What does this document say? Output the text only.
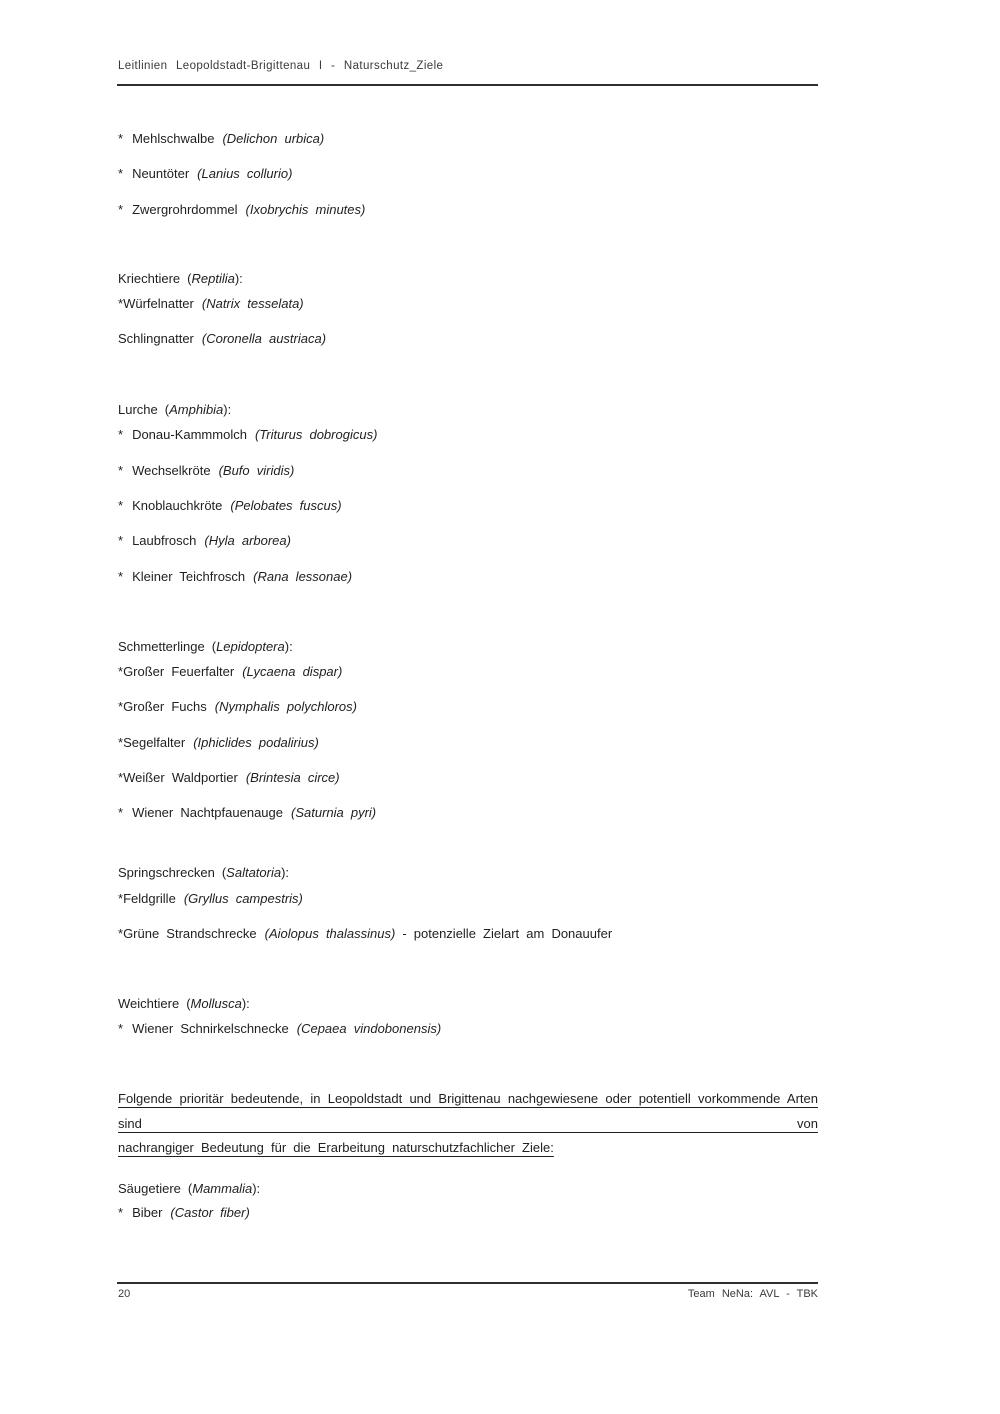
Leitlinien Leopoldstadt-Brigittenau I - Naturschutz_Ziele
* Mehlschwalbe (Delichon urbica)
* Neuntöter (Lanius collurio)
* Zwergrohrdommel (Ixobrychis minutes)
Kriechtiere (Reptilia):
*Würfelnatter (Natrix tesselata)
Schlingnatter (Coronella austriaca)
Lurche (Amphibia):
* Donau-Kammmolch (Triturus dobrogicus)
* Wechselkröte (Bufo viridis)
* Knoblauchkröte (Pelobates fuscus)
* Laubfrosch (Hyla arborea)
* Kleiner Teichfrosch (Rana lessonae)
Schmetterlinge (Lepidoptera):
*Großer Feuerfalter (Lycaena dispar)
*Großer Fuchs (Nymphalis polychloros)
*Segelfalter (Iphiclides podalirius)
*Weißer Waldportier (Brintesia circe)
* Wiener Nachtpfauenauge (Saturnia pyri)
Springschrecken (Saltatoria):
*Feldgrille (Gryllus campestris)
*Grüne Strandschrecke (Aiolopus thalassinus) - potenzielle Zielart am Donauufer
Weichtiere (Mollusca):
* Wiener Schnirkelschnecke (Cepaea vindobonensis)
Folgende prioritär bedeutende, in Leopoldstadt und Brigittenau nachgewiesene oder potentiell vorkommende Arten sind von
nachrangiger Bedeutung für die Erarbeitung naturschutzfachlicher Ziele:
Säugetiere (Mammalia):
* Biber (Castor fiber)
20	Team NeNa: AVL - TBK
